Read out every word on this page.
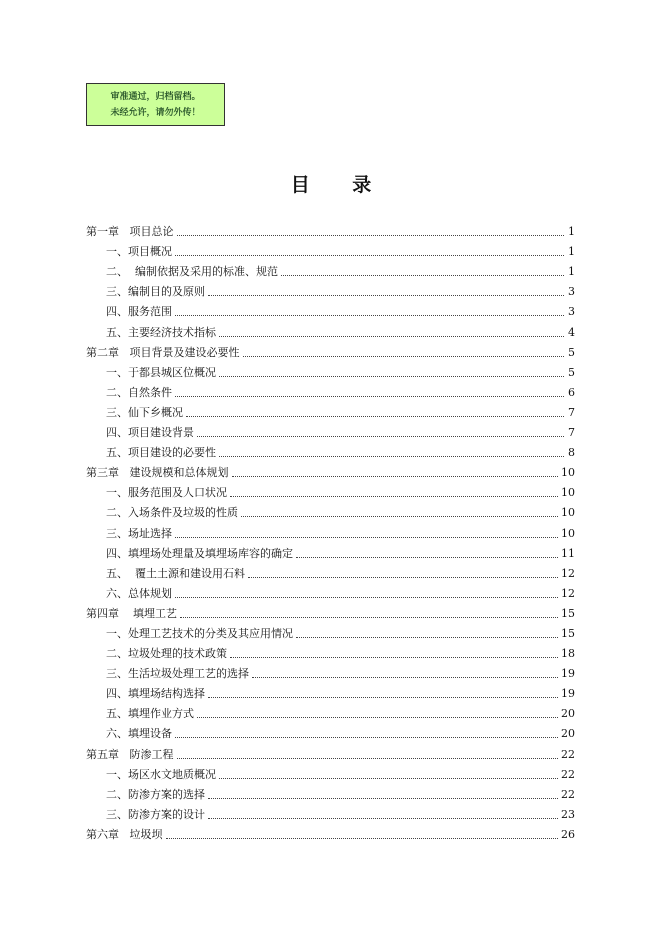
审准通过，归档留档。
未经允许，请勿外传！
目 录
第一章   项目总论	1
一、项目概况	1
二、  编制依据及采用的标准、规范	1
三、编制目的及原则	3
四、服务范围	3
五、主要经济技术指标	4
第二章   项目背景及建设必要性	5
一、于都县城区位概况	5
二、自然条件	6
三、仙下乡概况	7
四、项目建设背景	7
五、项目建设的必要性	8
第三章   建设规模和总体规划	10
一、服务范围及人口状况	10
二、入场条件及垃圾的性质	10
三、场址选择	10
四、填埋场处理量及填埋场库容的确定	11
五、  覆土土源和建设用石料	12
六、总体规划	12
第四章    填埋工艺	15
一、处理工艺技术的分类及其应用情况	15
二、垃圾处理的技术政策	18
三、生活垃圾处理工艺的选择	19
四、填埋场结构选择	19
五、填埋作业方式	20
六、填埋设备	20
第五章   防渗工程	22
一、场区水文地质概况	22
二、防渗方案的选择	22
三、防渗方案的设计	23
第六章   垃圾坝	26
